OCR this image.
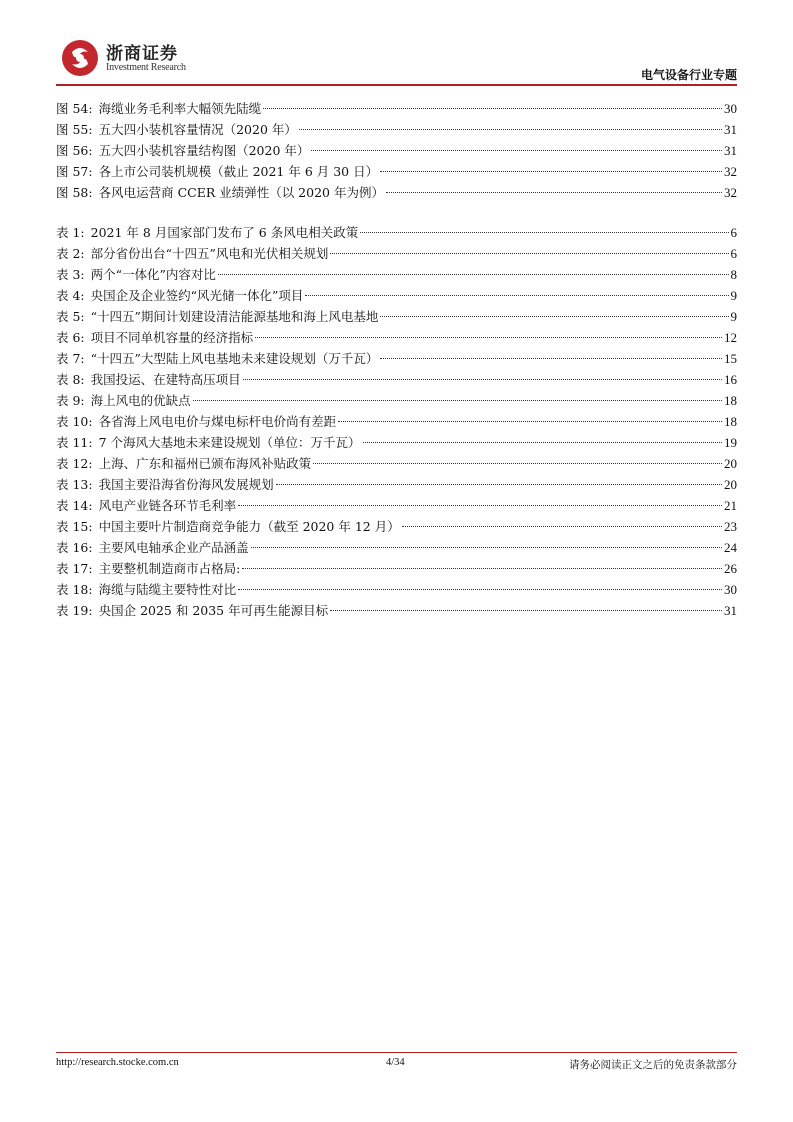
浙商证券
Investment Research
电气设备行业专题
图 54: 海缆业务毛利率大幅领先陆缆	30
图 55: 五大四小装机容量情况（2020 年）	31
图 56: 五大四小装机容量结构图（2020 年）	31
图 57: 各上市公司装机规模（截止 2021 年 6 月 30 日）	32
图 58: 各风电运营商 CCER 业绩弹性（以 2020 年为例）	32
表 1: 2021 年 8 月国家部门发布了 6 条风电相关政策	6
表 2: 部分省份出台“十四五”风电和光伏相关规划	6
表 3: 两个“一体化”内容对比	8
表 4: 央国企及企业签约“风光储一体化”项目	9
表 5: “十四五”期间计划建设清洁能源基地和海上风电基地	9
表 6: 项目不同单机容量的经济指标	12
表 7: “十四五”大型陆上风电基地未来建设规划（万千瓦）	15
表 8: 我国投运、在建特高压项目	16
表 9: 海上风电的优缺点	18
表 10: 各省海上风电电价与煤电标杆电价尚有差距	18
表 11: 7 个海风大基地未来建设规划（单位：万千瓦）	19
表 12: 上海、广东和福州已颁布海风补贴政策	20
表 13: 我国主要沿海省份海风发展规划	20
表 14: 风电产业链各环节毛利率	21
表 15: 中国主要叶片制造商竞争能力（截至 2020 年 12 月）	23
表 16: 主要风电轴承企业产品涵盖	24
表 17: 主要整机制造商市占格局:	26
表 18: 海缆与陆缆主要特性对比	30
表 19: 央国企 2025 和 2035 年可再生能源目标	31
http://research.stocke.com.cn	4/34	请务必阅读正文之后的免责条款部分
